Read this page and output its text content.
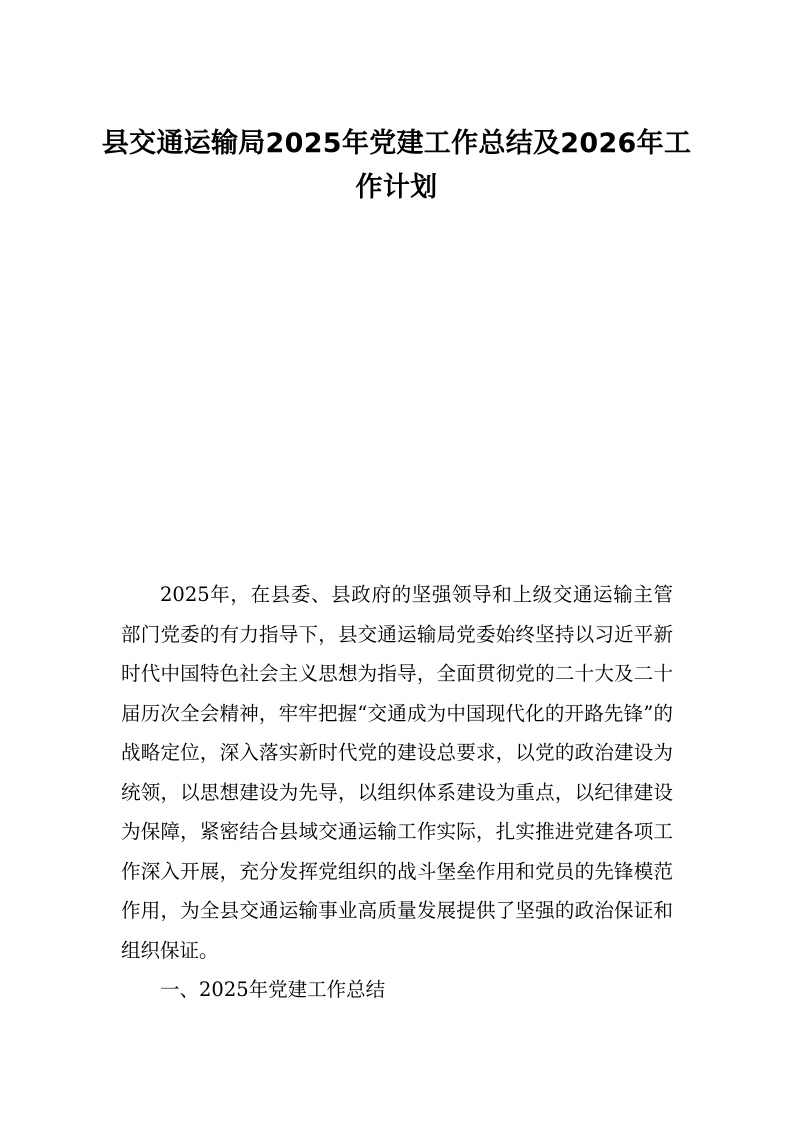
县交通运输局2025年党建工作总结及2026年工作计划

2025年，在县委、县政府的坚强领导和上级交通运输主管部门党委的有力指导下，县交通运输局党委始终坚持以习近平新时代中国特色社会主义思想为指导，全面贯彻党的二十大及二十届历次全会精神，牢牢把握“交通成为中国现代化的开路先锋”的战略定位，深入落实新时代党的建设总要求，以党的政治建设为统领，以思想建设为先导，以组织体系建设为重点，以纪律建设为保障，紧密结合县域交通运输工作实际，扎实推进党建各项工作深入开展，充分发挥党组织的战斗堡垒作用和党员的先锋模范作用，为全县交通运输事业高质量发展提供了坚强的政治保证和组织保证。

一、2025年党建工作总结
